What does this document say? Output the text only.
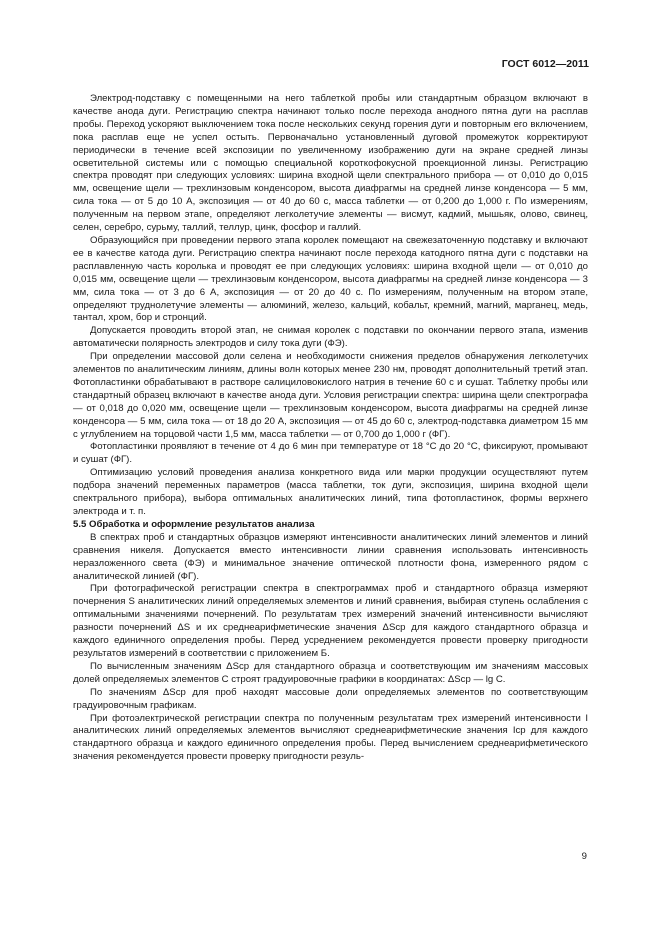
ГОСТ 6012—2011

Электрод-подставку с помещенными на него таблеткой пробы или стандартным образцом включают в качестве анода дуги. Регистрацию спектра начинают только после перехода анодного пятна дуги на расплав пробы. Переход ускоряют выключением тока после нескольких секунд горения дуги и повторным его включением, пока расплав еще не успел остыть. Первоначально установленный дуговой промежуток корректируют периодически в течение всей экспозиции по увеличенному изображению дуги на экране средней линзы осветительной системы или с помощью специальной короткофокусной проекционной линзы. Регистрацию спектра проводят при следующих условиях: ширина входной щели спектрального прибора — от 0,010 до 0,015 мм, освещение щели — трехлинзовым конденсором, высота диафрагмы на средней линзе конденсора — 5 мм, сила тока — от 5 до 10 А, экспозиция — от 40 до 60 с, масса таблетки — от 0,200 до 1,000 г. По измерениям, полученным на первом этапе, определяют легколетучие элементы — висмут, кадмий, мышьяк, олово, свинец, селен, серебро, сурьму, таллий, теллур, цинк, фосфор и галлий.

Образующийся при проведении первого этапа королек помещают на свежезаточенную подставку и включают ее в качестве катода дуги. Регистрацию спектра начинают после перехода катодного пятна дуги с подставки на расплавленную часть королька и проводят ее при следующих условиях: ширина входной щели — от 0,010 до 0,015 мм, освещение щели — трехлинзовым конденсором, высота диафрагмы на средней линзе конденсора — 3 мм, сила тока — от 3 до 6 А, экспозиция — от 20 до 40 с. По измерениям, полученным на втором этапе, определяют труднолетучие элементы — алюминий, железо, кальций, кобальт, кремний, магний, марганец, медь, тантал, хром, бор и стронций.

Допускается проводить второй этап, не снимая королек с подставки по окончании первого этапа, изменив автоматически полярность электродов и силу тока дуги (ФЭ).

При определении массовой доли селена и необходимости снижения пределов обнаружения легколетучих элементов по аналитическим линиям, длины волн которых менее 230 нм, проводят дополнительный третий этап. Фотопластинки обрабатывают в растворе салициловокислого натрия в течение 60 с и сушат. Таблетку пробы или стандартный образец включают в качестве анода дуги. Условия регистрации спектра: ширина щели спектрографа — от 0,018 до 0,020 мм, освещение щели — трехлинзовым конденсором, высота диафрагмы на средней линзе конденсора — 5 мм, сила тока — от 18 до 20 А, экспозиция — от 45 до 60 с, электрод-подставка диаметром 15 мм с углублением на торцовой части 1,5 мм, масса таблетки — от 0,700 до 1,000 г (ФГ).

Фотопластинки проявляют в течение от 4 до 6 мин при температуре от 18 °С до 20 °С, фиксируют, промывают и сушат (ФГ).

Оптимизацию условий проведения анализа конкретного вида или марки продукции осуществляют путем подбора значений переменных параметров (масса таблетки, ток дуги, экспозиция, ширина входной щели спектрального прибора), выбора оптимальных аналитических линий, типа фотопластинок, формы верхнего электрода и т. п.

5.5 Обработка и оформление результатов анализа

В спектрах проб и стандартных образцов измеряют интенсивности аналитических линий элементов и линий сравнения никеля. Допускается вместо интенсивности линии сравнения использовать интенсивность неразложенного света (ФЭ) и минимальное значение оптической плотности фона, измеренного рядом с аналитической линией (ФГ).

При фотографической регистрации спектра в спектрограммах проб и стандартного образца измеряют почернения S аналитических линий определяемых элементов и линий сравнения, выбирая ступень ослабления с оптимальными значениями почернений. По результатам трех измерений значений интенсивности вычисляют разности почернений ΔS и их среднеарифметические значения ΔSср для каждого стандартного образца и каждого единичного определения пробы. Перед усреднением рекомендуется провести проверку пригодности результатов измерений в соответствии с приложением Б.

По вычисленным значениям ΔSср для стандартного образца и соответствующим им значениям массовых долей определяемых элементов C строят градуировочные графики в координатах: ΔSср — lg C.

По значениям ΔSср для проб находят массовые доли определяемых элементов по соответствующим градуировочным графикам.

При фотоэлектрической регистрации спектра по полученным результатам трех измерений интенсивности I аналитических линий определяемых элементов вычисляют среднеарифметические значения Iср для каждого стандартного образца и каждого единичного определения пробы. Перед вычислением среднеарифметического значения рекомендуется провести проверку пригодности резуль-

9
